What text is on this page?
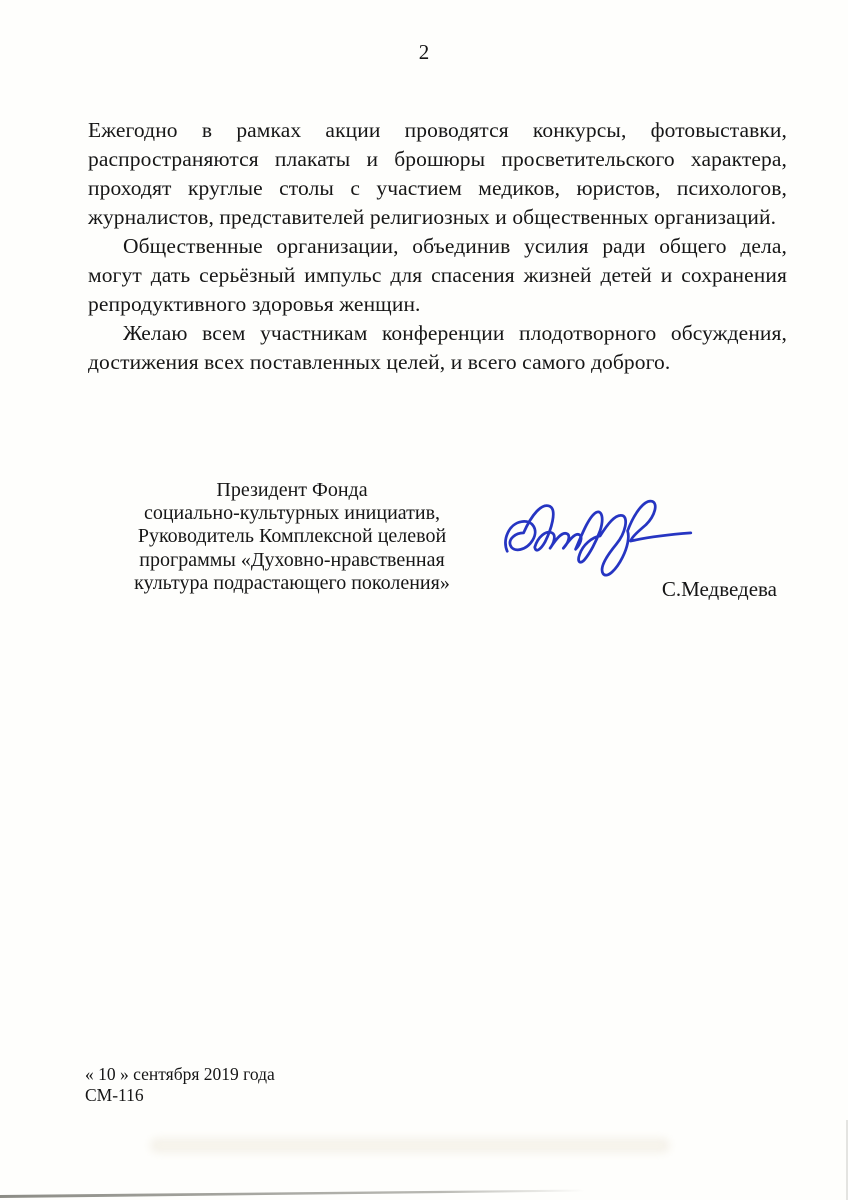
2
Ежегодно в рамках акции проводятся конкурсы, фотовыставки,
распространяются плакаты и брошюры просветительского характера,
проходят круглые столы с участием медиков, юристов, психологов,
журналистов, представителей религиозных и общественных организаций.
Общественные организации, объединив усилия ради общего дела,
могут дать серьёзный импульс для спасения жизней детей и сохранения
репродуктивного здоровья женщин.
Желаю всем участникам конференции плодотворного обсуждения,
достижения всех поставленных целей, и всего самого доброго.
Президент Фонда
социально-культурных инициатив,
Руководитель Комплексной целевой
программы «Духовно-нравственная
культура подрастающего поколения»	С.Медведева
« 10 » сентября 2019 года
СМ-116
